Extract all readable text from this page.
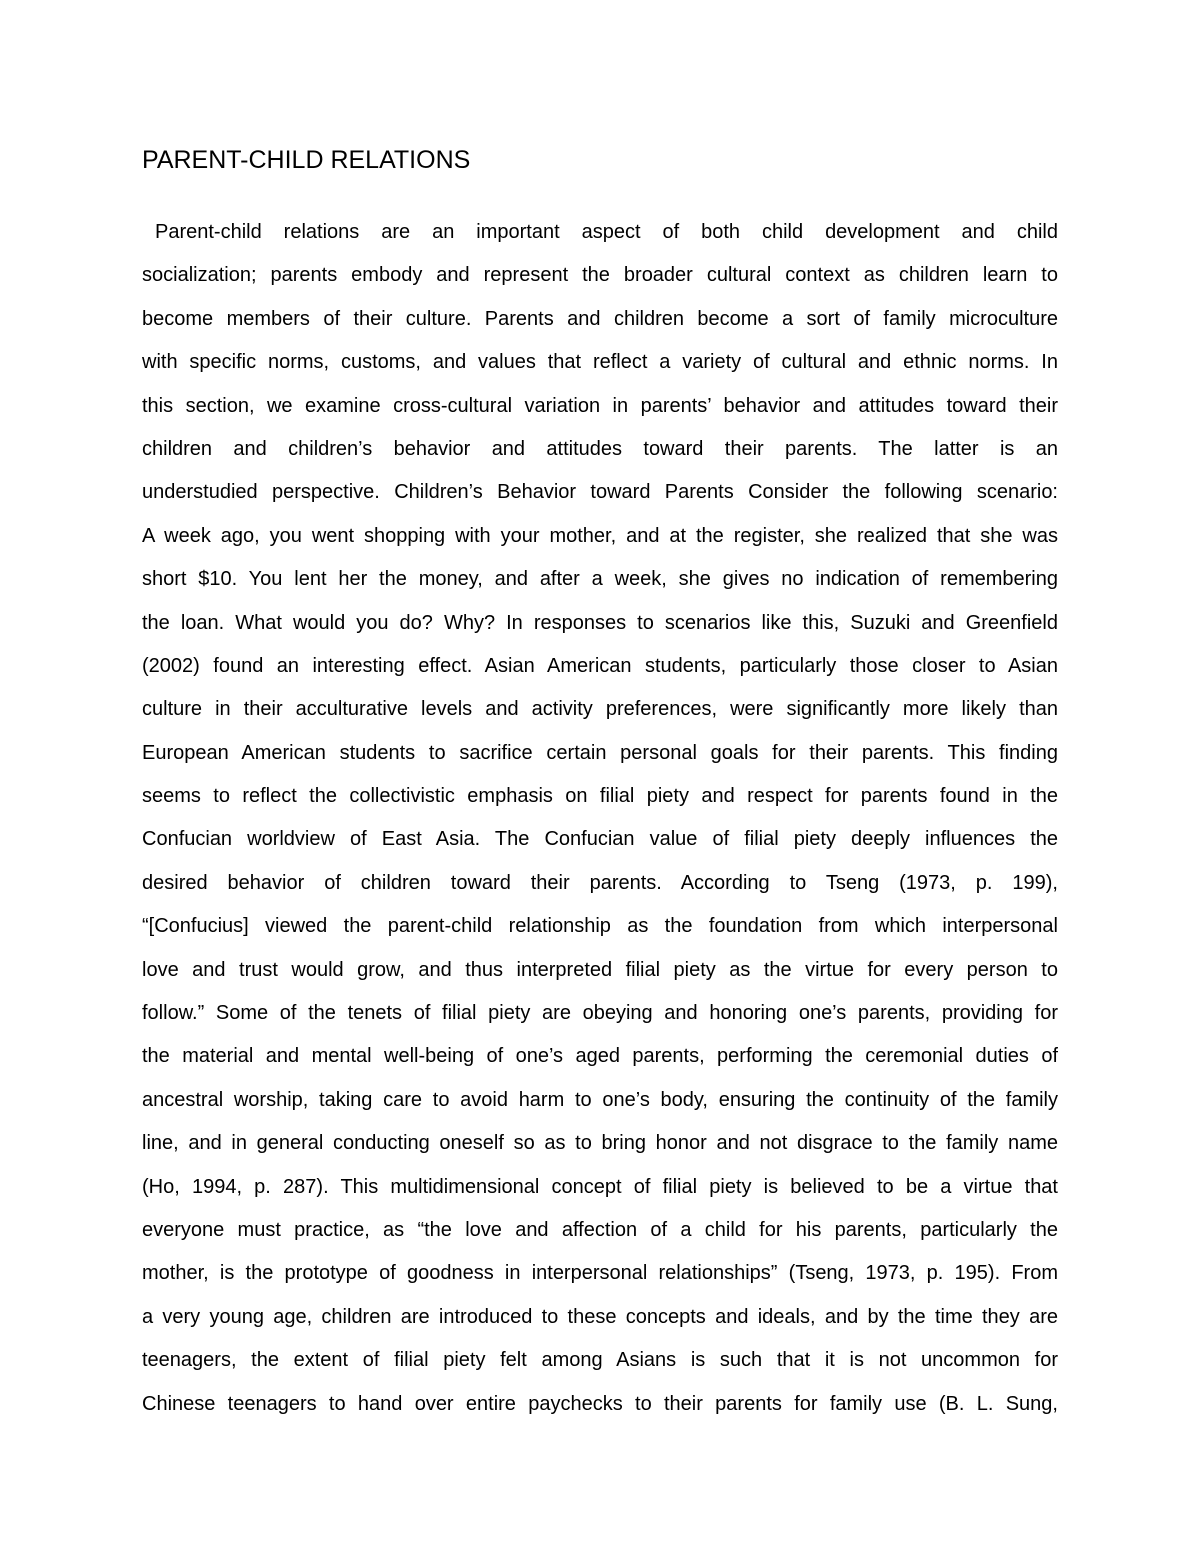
PARENT-CHILD RELATIONS
Parent-child relations are an important aspect of both child development and child
socialization; parents embody and represent the broader cultural context as children learn to
become members of their culture. Parents and children become a sort of family microculture
with specific norms, customs, and values that reflect a variety of cultural and ethnic norms. In
this section, we examine cross-cultural variation in parents’ behavior and attitudes toward their
children and children’s behavior and attitudes toward their parents. The latter is an
understudied perspective. Children’s Behavior toward Parents Consider the following scenario:
A week ago, you went shopping with your mother, and at the register, she realized that she was
short $10. You lent her the money, and after a week, she gives no indication of remembering
the loan. What would you do? Why? In responses to scenarios like this, Suzuki and Greenfield
(2002) found an interesting effect. Asian American students, particularly those closer to Asian
culture in their acculturative levels and activity preferences, were significantly more likely than
European American students to sacrifice certain personal goals for their parents. This finding
seems to reflect the collectivistic emphasis on filial piety and respect for parents found in the
Confucian worldview of East Asia. The Confucian value of filial piety deeply influences the
desired behavior of children toward their parents. According to Tseng (1973, p. 199),
“[Confucius] viewed the parent-child relationship as the foundation from which interpersonal
love and trust would grow, and thus interpreted filial piety as the virtue for every person to
follow.” Some of the tenets of filial piety are obeying and honoring one’s parents, providing for
the material and mental well-being of one’s aged parents, performing the ceremonial duties of
ancestral worship, taking care to avoid harm to one’s body, ensuring the continuity of the family
line, and in general conducting oneself so as to bring honor and not disgrace to the family name
(Ho, 1994, p. 287). This multidimensional concept of filial piety is believed to be a virtue that
everyone must practice, as “the love and affection of a child for his parents, particularly the
mother, is the prototype of goodness in interpersonal relationships” (Tseng, 1973, p. 195). From
a very young age, children are introduced to these concepts and ideals, and by the time they are
teenagers, the extent of filial piety felt among Asians is such that it is not uncommon for
Chinese teenagers to hand over entire paychecks to their parents for family use (B. L. Sung,
